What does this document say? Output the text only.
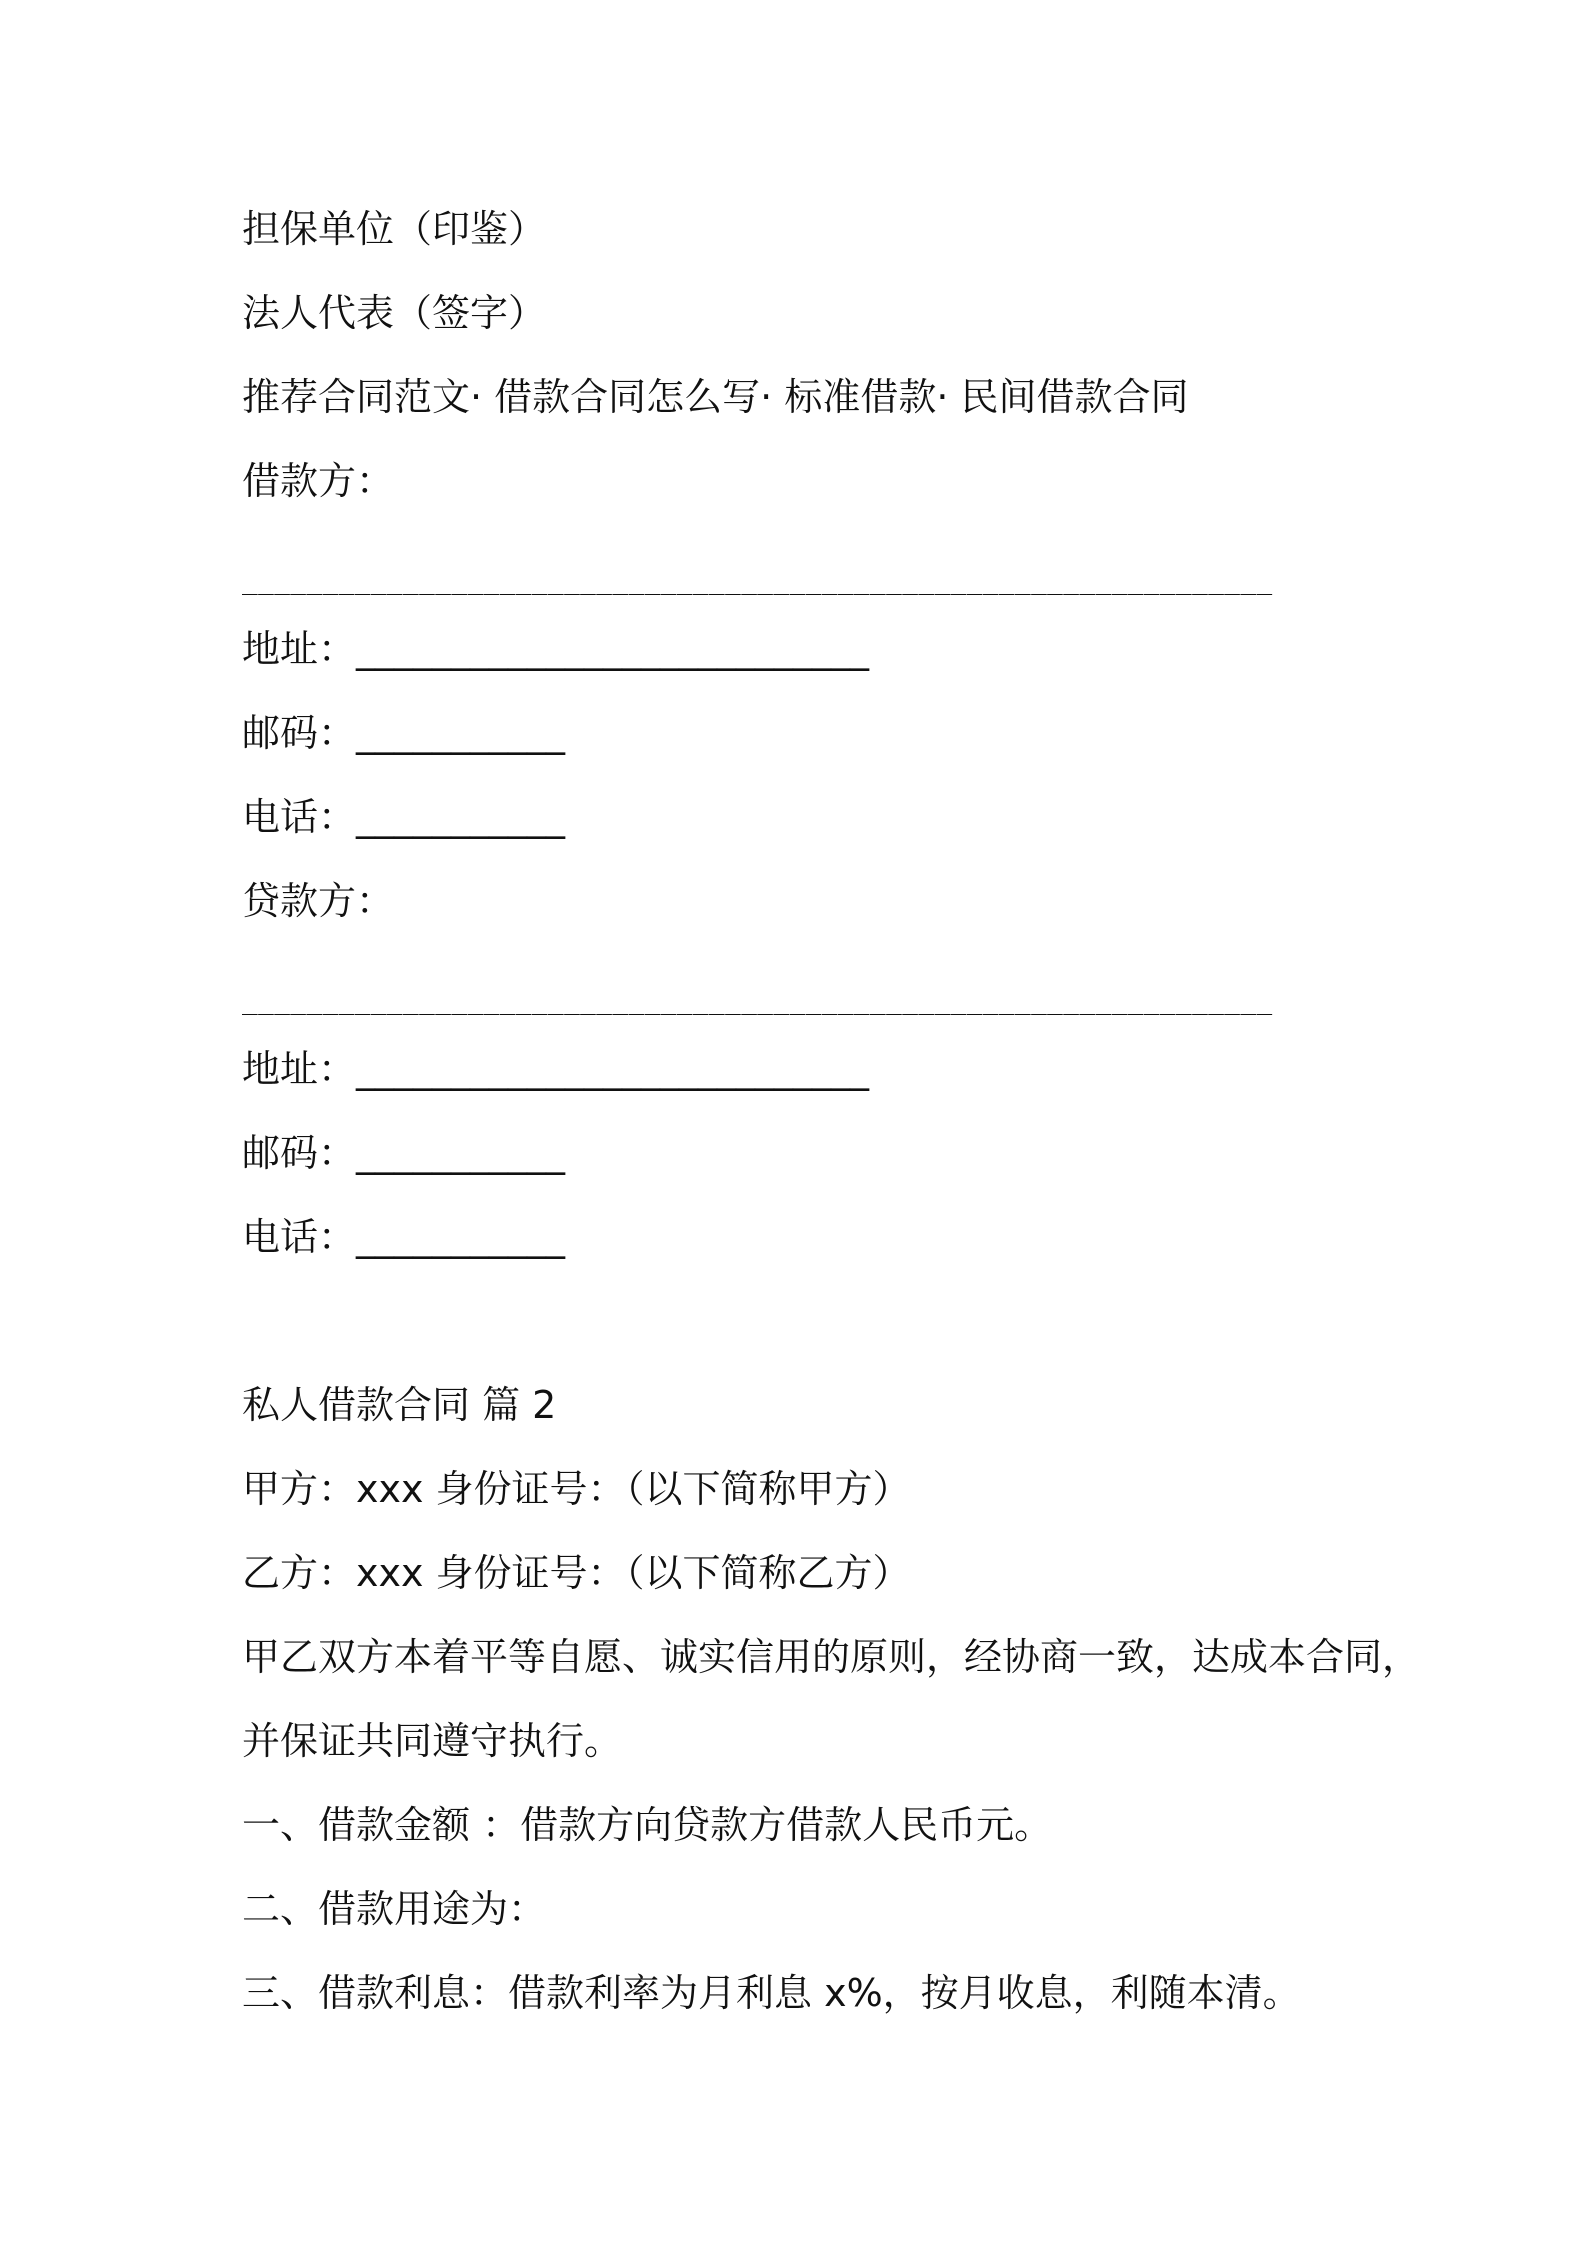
担保单位（印鉴）
法人代表（签字）
推荐合同范文· 借款合同怎么写· 标准借款· 民间借款合同
借款方：
________________________________________________________________
地址：___________________________
邮码：___________
电话：___________
贷款方：
________________________________________________________________
地址：___________________________
邮码：___________
电话：___________
私人借款合同 篇 2
甲方：xxx 身份证号：（以下简称甲方）
乙方：xxx 身份证号：（以下简称乙方）
甲乙双方本着平等自愿、诚实信用的原则，经协商一致，达成本合同，
并保证共同遵守执行。
一、借款金额 ：借款方向贷款方借款人民币元。
二、借款用途为：
三、借款利息：借款利率为月利息 x%，按月收息，利随本清。
